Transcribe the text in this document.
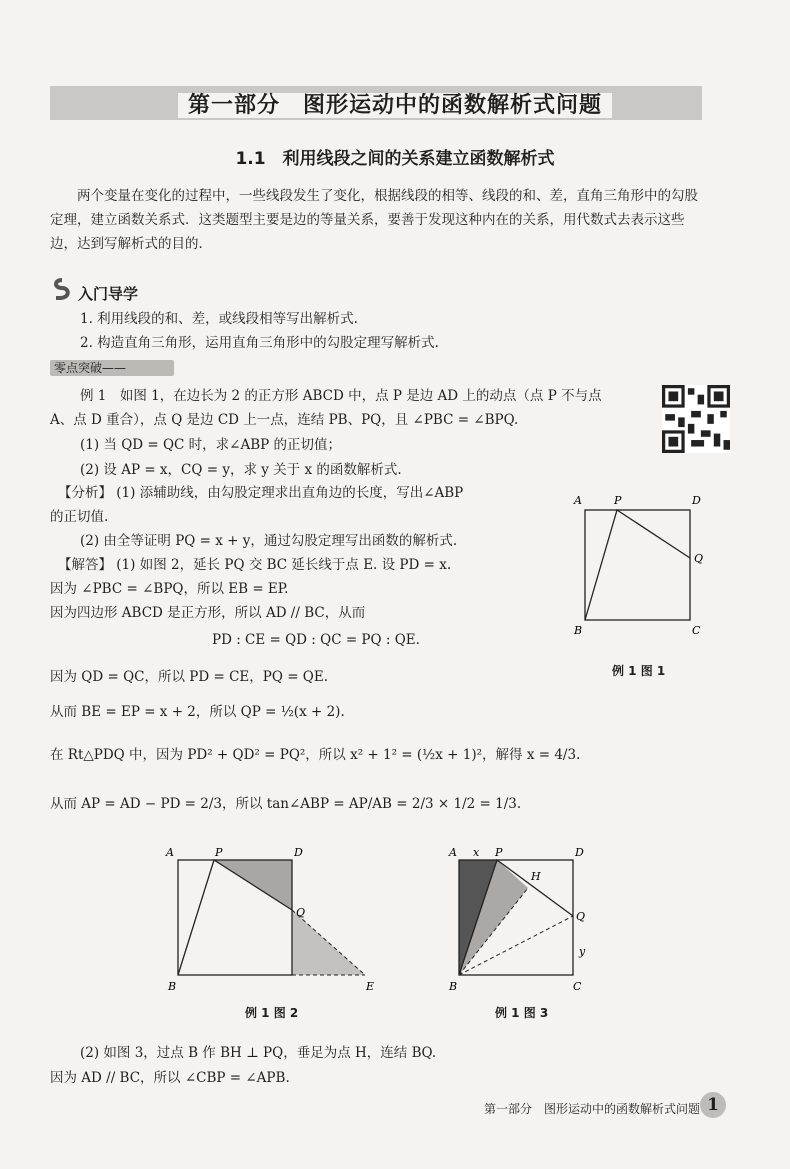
第一部分　图形运动中的函数解析式问题
1.1　利用线段之间的关系建立函数解析式
两个变量在变化的过程中，一些线段发生了变化，根据线段的相等、线段的和、差，直角三角形中的勾股定理，建立函数关系式．这类题型主要是边的等量关系，要善于发现这种内在的关系，用代数式去表示这些边，达到写解析式的目的．
入门导学
1. 利用线段的和、差，或线段相等写出解析式.
2. 构造直角三角形，运用直角三角形中的勾股定理写解析式.
零点突破——
例 1　如图 1，在边长为 2 的正方形 ABCD 中，点 P 是边 AD 上的动点（点 P 不与点
A、点 D 重合），点 Q 是边 CD 上一点，连结 PB、PQ，且 ∠PBC = ∠BPQ.
(1) 当 QD = QC 时，求∠ABP 的正切值；
(2) 设 AP = x，CQ = y，求 y 关于 x 的函数解析式.
【分析】 (1) 添辅助线，由勾股定理求出直角边的长度，写出∠ABP
的正切值.
(2) 由全等证明 PQ = x + y，通过勾股定理写出函数的解析式.
【解答】 (1) 如图 2，延长 PQ 交 BC 延长线于点 E. 设 PD = x.
因为 ∠PBC = ∠BPQ，所以 EB = EP.
因为四边形 ABCD 是正方形，所以 AD // BC，从而
PD : CE = QD : QC = PQ : QE.
因为 QD = QC，所以 PD = CE，PQ = QE.
从而 BE = EP = x + 2，所以 QP = ½(x + 2).
在 Rt△PDQ 中，因为 PD² + QD² = PQ²，所以 x² + 1² = (½x + 1)²，解得 x = 4/3.
从而 AP = AD − PD = 2/3，所以 tan∠ABP = AP/AB = 2/3 × 1/2 = 1/3.
A	P	D
Q
B	C
例 1 图 1
A	P	D
Q
B	E
例 1 图 2
A x P	D
H
Q
y
B	C
例 1 图 3
(2) 如图 3，过点 B 作 BH ⊥ PQ，垂足为点 H，连结 BQ.
因为 AD // BC，所以 ∠CBP = ∠APB.
第一部分　图形运动中的函数解析式问题 1
